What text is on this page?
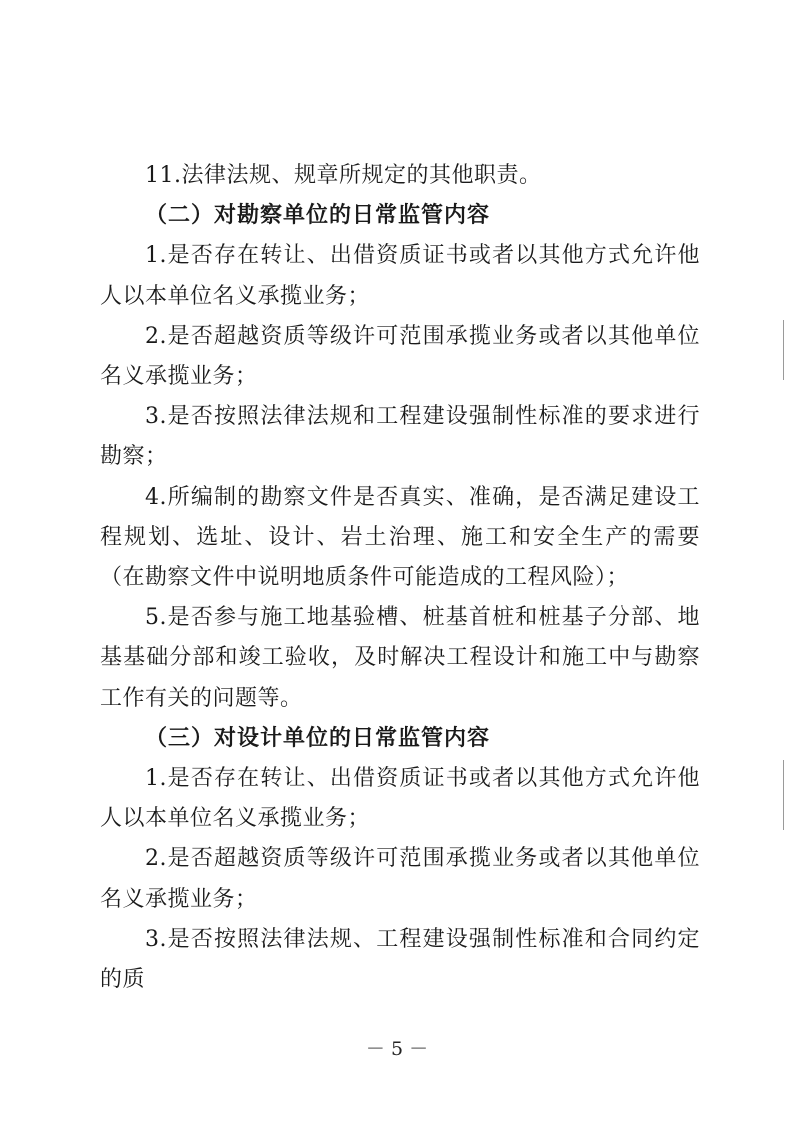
11.法律法规、规章所规定的其他职责。

（二）对勘察单位的日常监管内容

1.是否存在转让、出借资质证书或者以其他方式允许他人以本单位名义承揽业务；

2.是否超越资质等级许可范围承揽业务或者以其他单位名义承揽业务；

3.是否按照法律法规和工程建设强制性标准的要求进行勘察；

4.所编制的勘察文件是否真实、准确，是否满足建设工程规划、选址、设计、岩土治理、施工和安全生产的需要（在勘察文件中说明地质条件可能造成的工程风险）；

5.是否参与施工地基验槽、桩基首桩和桩基子分部、地基基础分部和竣工验收，及时解决工程设计和施工中与勘察工作有关的问题等。

（三）对设计单位的日常监管内容

1.是否存在转让、出借资质证书或者以其他方式允许他人以本单位名义承揽业务；

2.是否超越资质等级许可范围承揽业务或者以其他单位名义承揽业务；

3.是否按照法律法规、工程建设强制性标准和合同约定的质

－ 5 －
